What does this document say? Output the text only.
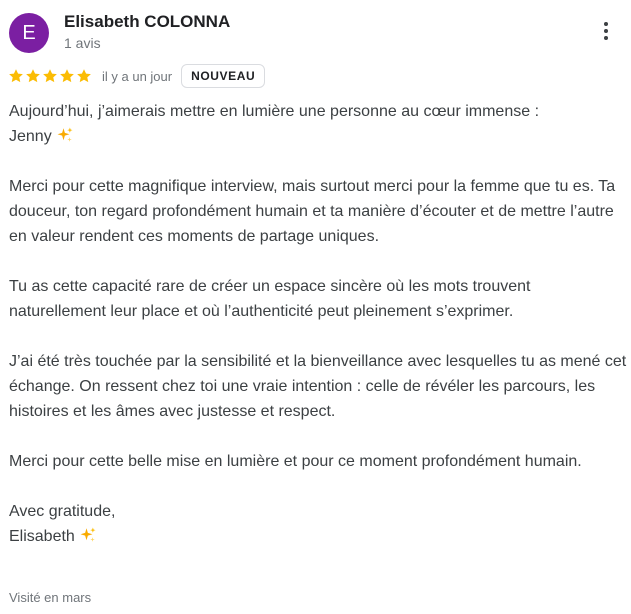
E
Elisabeth COLONNA
1 avis
il y a un jour	NOUVEAU

Aujourd’hui, j’aimerais mettre en lumière une personne au cœur immense :

Jenny

Merci pour cette magnifique interview, mais surtout merci pour la femme que tu es. Ta douceur, ton regard profondément humain et ta manière d’écouter et de mettre l’autre en valeur rendent ces moments de partage uniques.

Tu as cette capacité rare de créer un espace sincère où les mots trouvent naturellement leur place et où l’authenticité peut pleinement s’exprimer.

J’ai été très touchée par la sensibilité et la bienveillance avec lesquelles tu as mené cet échange. On ressent chez toi une vraie intention : celle de révéler les parcours, les histoires et les âmes avec justesse et respect.

Merci pour cette belle mise en lumière et pour ce moment profondément humain.

Avec gratitude,

Elisabeth

Visité en mars
